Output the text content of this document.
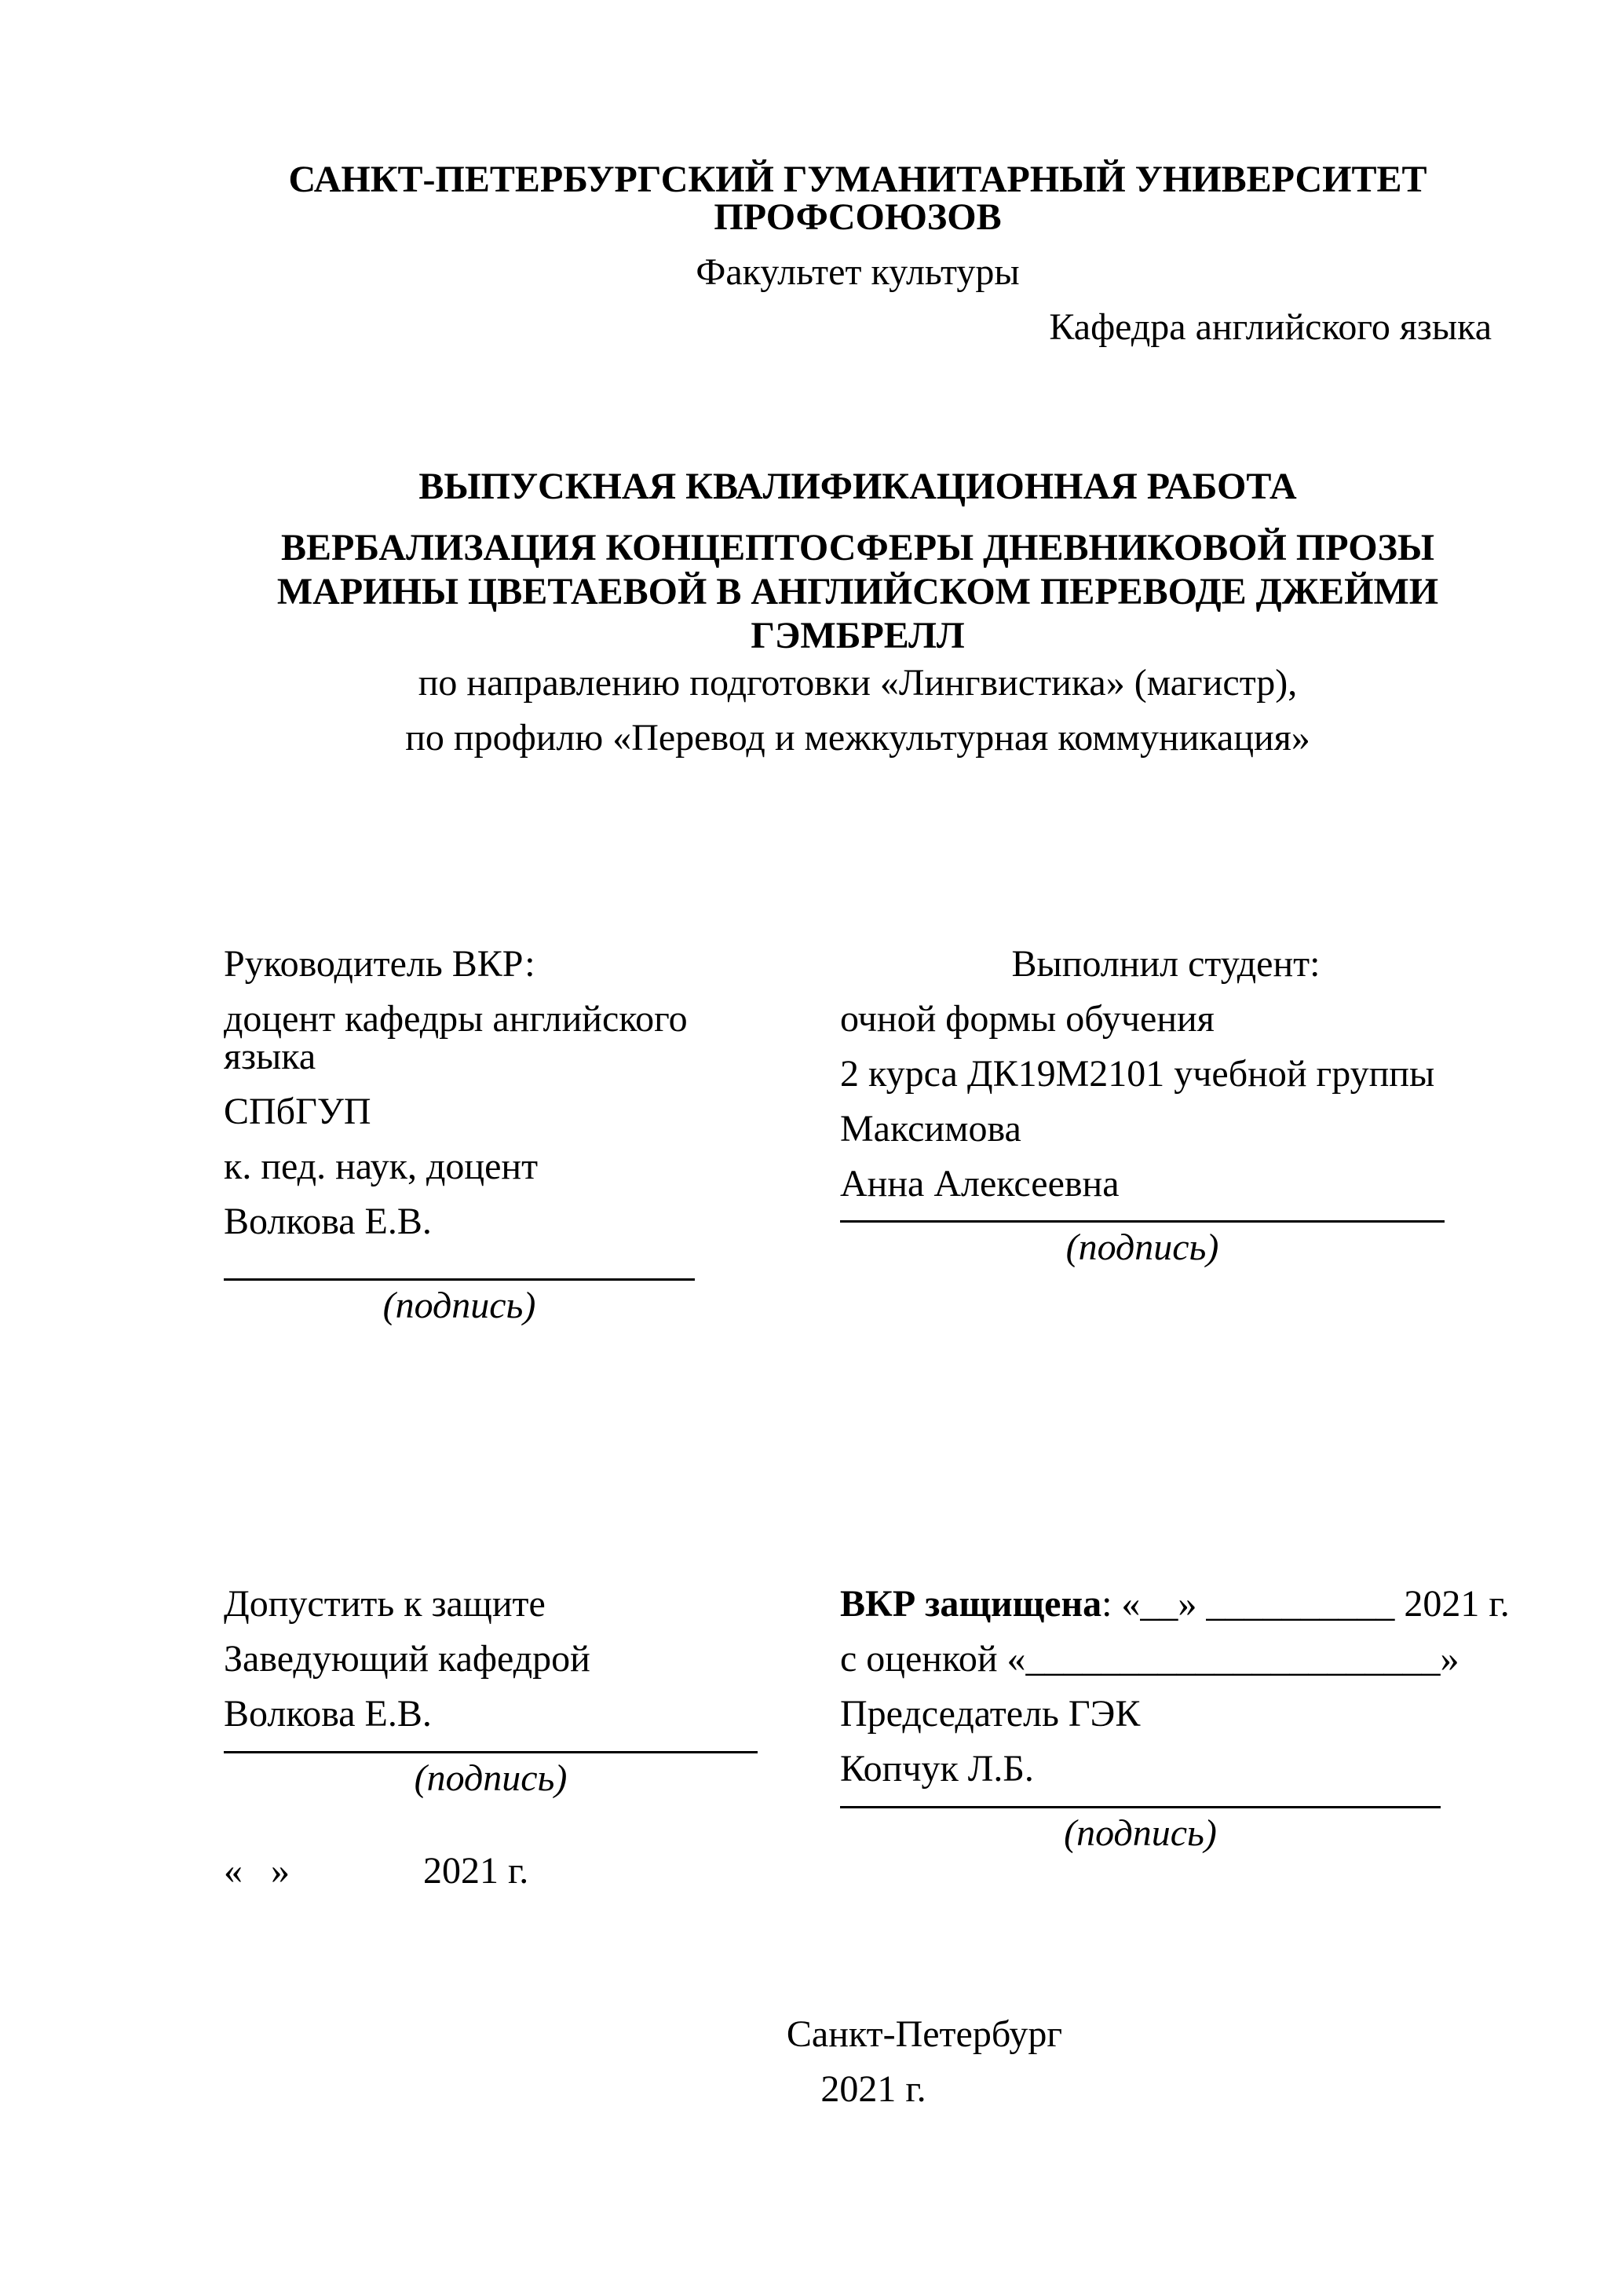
САНКТ-ПЕТЕРБУРГСКИЙ ГУМАНИТАРНЫЙ УНИВЕРСИТЕТ ПРОФСОЮЗОВ
Факультет культуры
Кафедра английского языка
ВЫПУСКНАЯ КВАЛИФИКАЦИОННАЯ РАБОТА
ВЕРБАЛИЗАЦИЯ КОНЦЕПТОСФЕРЫ ДНЕВНИКОВОЙ ПРОЗЫ МАРИНЫ ЦВЕТАЕВОЙ В АНГЛИЙСКОМ ПЕРЕВОДЕ ДЖЕЙМИ ГЭМБРЕЛЛ
по направлению подготовки «Лингвистика» (магистр),
по профилю «Перевод и межкультурная коммуникация»
Руководитель ВКР:
доцент кафедры английского языка
СПбГУП
к. пед. наук, доцент
Волкова Е.В.
(подпись)
Выполнил студент:
очной формы обучения
2 курса ДК19М2101 учебной группы
Максимова
Анна Алексеевна
(подпись)
Допустить к защите
Заведующий кафедрой
Волкова Е.В.
(подпись)
«   »	2021 г.
ВКР защищена: «__» __________ 2021 г.
с оценкой «______________________»
Председатель ГЭК
Копчук Л.Б.
(подпись)
Санкт-Петербург
2021 г.
